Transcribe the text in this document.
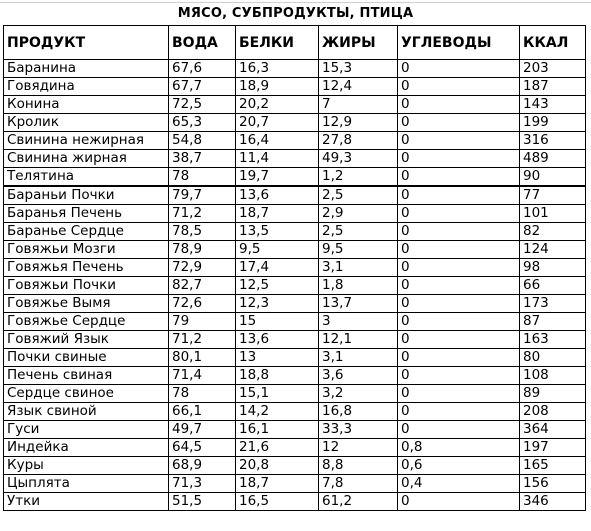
МЯСО, СУБПРОДУКТЫ, ПТИЦА
ПРОДУКТ	ВОДА	БЕЛКИ	ЖИРЫ	УГЛЕВОДЫ	ККАЛ
Баранина	67,6	16,3	15,3	0	203
Говядина	67,7	18,9	12,4	0	187
Конина	72,5	20,2	7	0	143
Кролик	65,3	20,7	12,9	0	199
Свинина нежирная	54,8	16,4	27,8	0	316
Свинина жирная	38,7	11,4	49,3	0	489
Телятина	78	19,7	1,2	0	90
Бараньи Почки	79,7	13,6	2,5	0	77
Баранья Печень	71,2	18,7	2,9	0	101
Баранье Сердце	78,5	13,5	2,5	0	82
Говяжьи Мозги	78,9	9,5	9,5	0	124
Говяжья Печень	72,9	17,4	3,1	0	98
Говяжьи Почки	82,7	12,5	1,8	0	66
Говяжье Вымя	72,6	12,3	13,7	0	173
Говяжье Сердце	79	15	3	0	87
Говяжий Язык	71,2	13,6	12,1	0	163
Почки свиные	80,1	13	3,1	0	80
Печень свиная	71,4	18,8	3,6	0	108
Сердце свиное	78	15,1	3,2	0	89
Язык свиной	66,1	14,2	16,8	0	208
Гуси	49,7	16,1	33,3	0	364
Индейка	64,5	21,6	12	0,8	197
Куры	68,9	20,8	8,8	0,6	165
Цыплята	71,3	18,7	7,8	0,4	156
Утки	51,5	16,5	61,2	0	346
